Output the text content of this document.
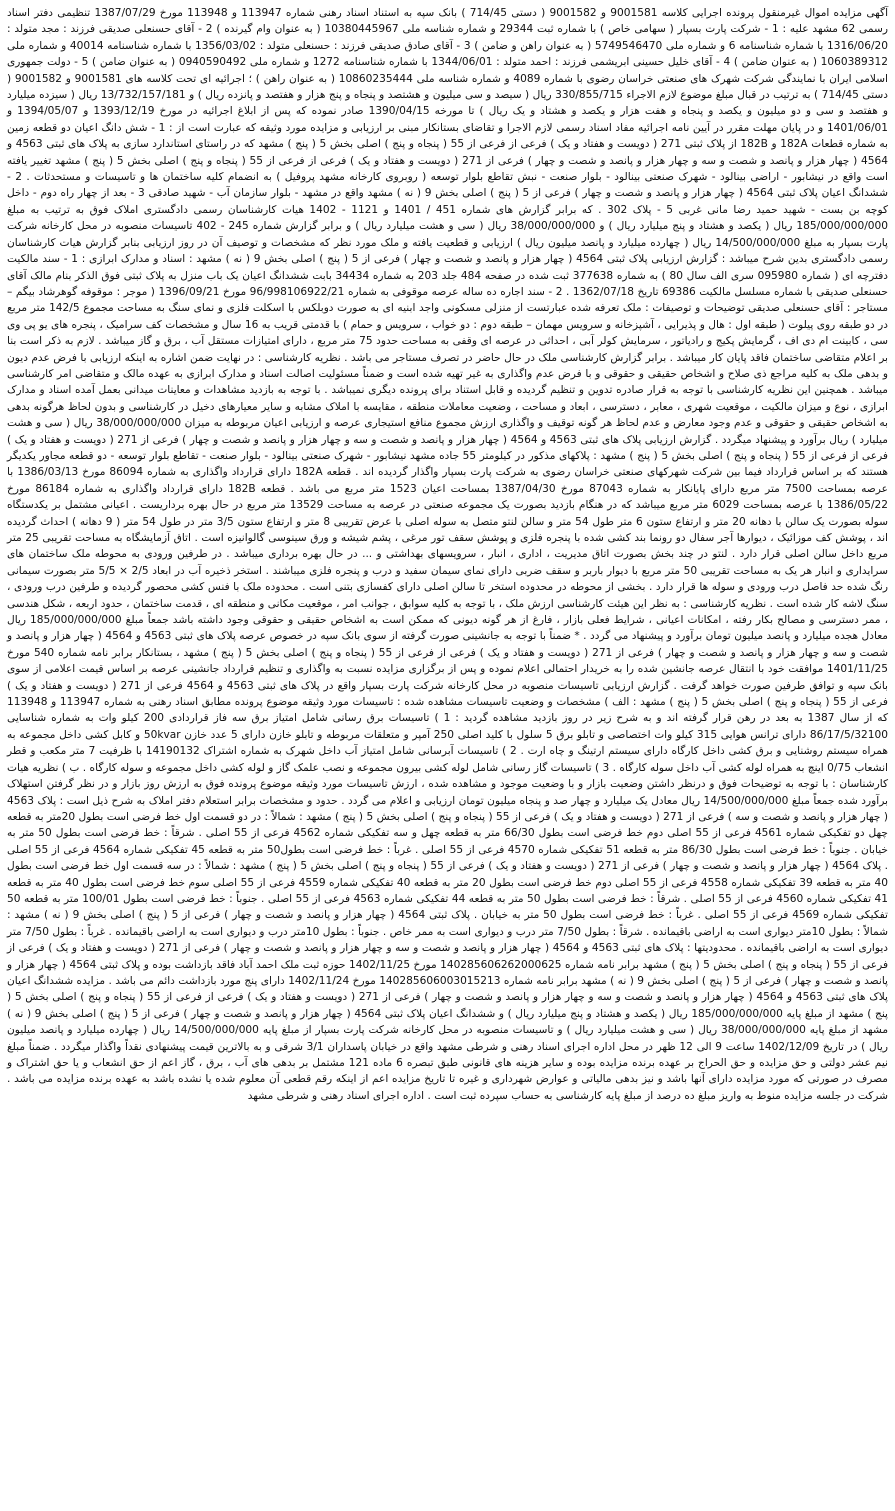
آگهی مزایده اموال غیرمنقول پرونده اجرایی کلاسه 9001581 و 9001582 ( دستی 714/45 ) بانک سپه به استناد اسناد رهنی شماره 113947 و 113948 مورخ 1387/07/29 تنظیمی دفتر اسناد رسمی 62 مشهد علیه : 1 - شرکت پارت بسپار ( سهامی خاص ) با شماره ثبت 29344 و شماره شناسه ملی 10380445967 ( به عنوان وام گیرنده ) 2 - آقای حسنعلی صدیقی فرزند : مجد متولد : 1316/06/20 با شماره شناسنامه 6 و شماره ملی 5749546470 ( به عنوان راهن و ضامن ) 3 - آقای صادق صدیقی فرزند : حسنعلی متولد : 1356/03/02 با شماره شناسنامه 40014 و شماره ملی 1060389312 ( به عنوان ضامن ) 4 - آقای خلیل حسینی ابریشمی فرزند : احمد متولد : 1344/06/01 با شماره شناسنامه 1272 و شماره ملی 0940590492 ( به عنوان ضامن ) 5 - دولت جمهوری اسلامی ایران با نمایندگی شرکت شهرک های صنعتی خراسان رضوی با شماره 4089 و شماره شناسه ملی 10860235444 ( به عنوان راهن ) ؛ اجرائیه ای تحت کلاسه های 9001581 و 9001582 ( دستی 714/45 ) به ترتیب در قبال مبلغ موضوع لازم الاجراء 330/855/715 ریال ( سیصد و سی میلیون و هشتصد و پنجاه و پنج هزار و هفتصد و پانزده ریال ) و 13/732/157/181 ریال ( سیزده میلیارد و هفتصد و سی و دو میلیون و یکصد و پنجاه و هفت هزار و یکصد و هشتاد و یک ریال ) تا مورخه 1390/04/15 صادر نموده که پس از ابلاغ اجرائیه در مورخ 1393/12/19 و 1394/05/07 و 1401/06/01 و در پایان مهلت مقرر در آیین نامه اجرائیه مفاد اسناد رسمی لازم الاجرا و تقاضای بستانکار مبنی بر ارزیابی و مزایده مورد وثیقه که عبارت است از : 1 - شش دانگ اعیان دو قطعه زمین به شماره قطعات 182A و 182B از پلاک ثبتی 271 ( دویست و هفتاد و یک ) فرعی از فرعی از 55 ( پنجاه و پنج ) اصلی بخش 5 ( پنج ) مشهد که در راستای استاندارد سازی به پلاک های ثبتی 4563 و 4564 ( چهار هزار و پانصد و شصت و سه و چهار هزار و پانصد و شصت و چهار ) فرعی از 271 ( دویست و هفتاد و یک ) فرعی از فرعی از 55 ( پنجاه و پنج ) اصلی بخش 5 ( پنج ) مشهد تغییر یافته است واقع در نیشابور - اراضی بینالود - شهرک صنعتی بینالود - بلوار صنعت - نبش تقاطع بلوار توسعه ( روبروی کارخانه مشهد پروفیل ) به انضمام کلیه ساختمان ها و تاسیسات و مستحدثات . 2 - ششدانگ اعیان پلاک ثبتی 4564 ( چهار هزار و پانصد و شصت و چهار ) فرعی از 5 ( پنج ) اصلی بخش 9 ( نه ) مشهد واقع در مشهد - بلوار سازمان آب - شهید صادقی 3 - بعد از چهار راه دوم - داخل کوچه بن بست - شهید حمید رضا مانی غربی 5 - پلاک 302 . که برابر گزارش های شماره 451 / 1401 و 1121 - 1402 هیات کارشناسان رسمی دادگستری املاک فوق به ترتیب به مبلغ 185/000/000/000 ریال ( یکصد و هشتاد و پنج میلیارد ریال ) و 38/000/000/000 ریال ( سی و هشت میلیارد ریال ) و برابر گزارش شماره 245 - 402 تاسیسات منصوبه در محل کارخانه شرکت پارت بسپار به مبلغ 14/500/000/000 ریال ( چهارده میلیارد و پانصد میلیون ریال ) ارزیابی و قطعیت یافته و ملک مورد نظر که مشخصات و توصیف آن در روز ارزیابی بنابر گزارش هیات کارشناسان رسمی دادگستری بدین شرح میباشد : گزارش ارزیابی پلاک ثبتی 4564 ( چهار هزار و پانصد و شصت و چهار ) فرعی از 5 ( پنج ) اصلی بخش 9 ( نه ) مشهد : اسناد و مدارک ابرازی : 1 - سند مالکیت دفترچه ای ( شماره 095980 سری الف سال 80 ) به شماره 377638 ثبت شده در صفحه 484 جلد 203 به شماره 34434 بابت ششدانگ اعیان یک باب منزل به پلاک ثبتی فوق الذکر بنام مالک آقای حسنعلی صدیقی با شماره مسلسل مالکیت 69386 تاریخ 1362/07/18 . 2 - سند اجاره ده ساله عرصه موقوفی به شماره 96/998106922/21 مورخ 1396/09/21 ( موجر : موقوفه گوهرشاد بیگم – مستاجر : آقای حسنعلی صدیقی توضیحات و توصیفات : ملک تعرفه شده عبارتست از منزلی مسکونی واجد ابنیه ای به صورت دوبلکس با اسکلت فلزی و نمای سنگ به مساحت مجموع 142/5 متر مربع در دو طبقه روی پیلوت ( طبقه اول : هال و پذیرایی ، آشپزخانه و سرویس مهمان – طبقه دوم : دو خواب ، سرویس و حمام ) با قدمتی قریب به 16 سال و مشخصات کف سرامیک ، پنجره های یو پی وی سی ، کابینت ام دی اف ، گرمایش پکیج و رادیاتور ، سرمایش کولر آبی ، احداثی در عرصه ای وقفی به مساحت حدود 75 متر مربع ، دارای امتیازات مستقل آب ، برق و گاز میباشد . لازم به ذکر است بنا بر اعلام متقاضی ساختمان فاقد پایان کار میباشد . برابر گزارش کارشناسی ملک در حال حاضر در تصرف مستاجر می باشد . نظریه کارشناسی : در نهایت ضمن اشاره به اینکه ارزیابی با فرض عدم دیون و بدهی ملک به کلیه مراجع ذی صلاح و اشخاص حقیقی و حقوقی و با فرض عدم واگذاری به غیر تهیه شده است و ضمناً مسئولیت اصالت اسناد و مدارک ابرازی به عهده مالک و متقاضی امر کارشناسی میباشد . همچنین این نظریه کارشناسی با توجه به قرار صادره تدوین و تنظیم گردیده و قابل استناد برای پرونده دیگری نمیباشد . با توجه به بازدید مشاهدات و معاینات میدانی بعمل آمده اسناد و مدارک ابرازی ، نوع و میزان مالکیت ، موقعیت شهری ، معابر ، دسترسی ، ابعاد و مساحت ، وضعیت معاملات منطقه ، مقایسه با املاک مشابه و سایر معیارهای دخیل در کارشناسی و بدون لحاظ هرگونه بدهی به اشخاص حقیقی و حقوقی و عدم وجود معارض و عدم لحاظ هر گونه توقیف و واگذاری ارزش مجموع منافع استیجاری عرصه و ارزیابی اعیان مربوطه به میزان 38/000/000/000 ریال ( سی و هشت میلیارد ) ریال برآورد و پیشنهاد میگردد . گزارش ارزیابی پلاک های ثبتی 4563 و 4564 ( چهار هزار و پانصد و شصت و سه و چهار هزار و پانصد و شصت و چهار ) فرعی از 271 ( دویست و هفتاد و یک ) فرعی از فرعی از 55 ( پنجاه و پنج ) اصلی بخش 5 ( پنج ) مشهد : پلاکهای مذکور در کیلومتر 55 جاده مشهد نیشابور - شهرک صنعتی بینالود - بلوار صنعت - تقاطع بلوار توسعه - دو قطعه مجاور یکدیگر هستند که بر اساس قرارداد فیما بین شرکت شهرکهای صنعتی خراسان رضوی به شرکت پارت بسپار واگذار گردیده اند . قطعه 182A دارای قرارداد واگذاری به شماره 86094 مورخ 1386/03/13 با عرصه بمساحت 7500 متر مربع دارای پایانکار به شماره 87043 مورخ 1387/04/30 بمساحت اعیان 1523 متر مربع می باشد . قطعه 182B دارای قرارداد واگذاری به شماره 86184 مورخ 1386/05/22 با عرصه بمساحت 6029 متر مربع میباشد که در هنگام بازدید بصورت یک مجموعه صنعتی در عرصه به مساحت 13529 متر مربع در حال بهره برداریست . اعیانی مشتمل بر یکدستگاه سوله بصورت یک سالن با دهانه 20 متر و ارتفاع ستون 6 متر طول 54 متر و سالن لنتو متصل به سوله اصلی با عرض تقریبی 8 متر و ارتفاع ستون 3/5 متر در طول 54 متر ( 9 دهانه ) احداث گردیده اند ، پوشش کف موزائیک ، دیوارها آجر سفال دو رونما بند کشی شده با پنجره فلزی و پوشش سقف تور مرغی ، پشم شیشه و ورق سینوسی گالوانیزه است . اتاق آزمایشگاه به مساحت تقریبی 25 متر مربع داخل سالن اصلی قرار دارد . لنتو در چند بخش بصورت اتاق مدیریت ، اداری ، انبار ، سرویسهای بهداشتی و ... در حال بهره برداری میباشد . در طرفین ورودی به محوطه ملک ساختمان های سرایداری و انبار هر یک به مساحت تقریبی 50 متر مربع با دیوار باربر و سقف ضربی دارای نمای سیمان سفید و درب و پنجره فلزی میباشند . استخر ذخیره آب در ابعاد 2/5 × 5/5 متر بصورت سیمانی رنگ شده حد فاصل درب ورودی و سوله ها قرار دارد . بخشی از محوطه در محدوده استخر تا سالن اصلی دارای کفسازی بتنی است . محدوده ملک با فنس کشی محصور گردیده و طرفین درب ورودی ، سنگ لاشه کار شده است . نظریه کارشناسی : به نظر این هیئت کارشناسی ارزش ملک ، با توجه به کلیه سوابق ، جوانب امر ، موقعیت مکانی و منطقه ای ، قدمت ساختمان ، حدود اربعه ، شکل هندسی ، ممر دسترسی و مصالح بکار رفته ، امکانات اعیانی ، شرایط فعلی بازار ، فارغ از هر گونه دیونی که ممکن است به اشخاص حقیقی و حقوقی وجود داشته باشد جمعاً مبلغ 185/000/000/000 ریال معادل هجده میلیارد و پانصد میلیون تومان برآورد و پیشنهاد می گردد . * ضمناً با توجه به جانشینی صورت گرفته از سوی بانک سپه در خصوص عرصه پلاک های ثبتی 4563 و 4564 ( چهار هزار و پانصد و شصت و سه و چهار هزار و پانصد و شصت و چهار ) فرعی از 271 ( دویست و هفتاد و یک ) فرعی از فرعی از 55 ( پنجاه و پنج ) اصلی بخش 5 ( پنج ) مشهد ، بستانکار برابر نامه شماره 540 مورخ 1401/11/25 موافقت خود با انتقال عرصه جانشین شده را به خریدار احتمالی اعلام نموده و پس از برگزاری مزایده نسبت به واگذاری و تنظیم قرارداد جانشینی عرصه بر اساس قیمت اعلامی از سوی بانک سپه و توافق طرفین صورت خواهد گرفت . گزارش ارزیابی تاسیسات منصوبه در محل کارخانه شرکت پارت بسپار واقع در پلاک های ثبتی 4563 و 4564 فرعی از 271 ( دویست و هفتاد و یک ) فرعی از 55 ( پنجاه و پنج ) اصلی بخش 5 ( پنج ) مشهد : الف ) مشخصات و وضعیت تاسیسات مشاهده شده : تاسیسات مورد وثیقه موضوع پرونده مطابق اسناد رهنی به شماره 113947 و 113948 که از سال 1387 به بعد در رهن قرار گرفته اند و به شرح زیر در روز بازدید مشاهده گردید : 1 ) تاسیسات برق رسانی شامل امتیاز برق سه فاز قراردادی 200 کیلو وات به شماره شناسایی 86/17/5/32100 دارای ترانس هوایی 315 کیلو وات اختصاصی و تابلو برق 5 سلول با کلید اصلی 250 آمپر و متعلقات مربوطه و تابلو خازن دارای 5 عدد خازن 50kvar و کابل کشی داخل مجموعه به همراه سیستم روشنایی و برق کشی داخل کارگاه دارای سیستم ارتینگ و چاه ارت . 2 ) تاسیسات آبرسانی شامل امتیاز آب داخل شهرک به شماره اشتراک 14190132 با ظرفیت 7 متر مکعب و قطر انشعاب 0/75 اینچ به همراه لوله کشی آب داخل سوله کارگاه . 3 ) تاسیسات گاز رسانی شامل لوله کشی بیرون مجموعه و نصب علمک گاز و لوله کشی داخل مجموعه و سوله کارگاه . ب ) نظریه هیات کارشناسان : با توجه به توضیحات فوق و درنظر داشتن وضعیت بازار و با وضعیت موجود و مشاهده شده ، ارزش تاسیسات مورد وثیقه موضوع پرونده فوق به ارزش روز بازار و در نظر گرفتن استهلاک برآورد شده جمعاً مبلغ 14/500/000/000 ریال معادل یک میلیارد و چهار صد و پنجاه میلیون تومان ارزیابی و اعلام می گردد . حدود و مشخصات برابر استعلام دفتر املاک به شرح ذیل است : پلاک 4563 ( چهار هزار و پانصد و شصت و سه ) فرعی از 271 ( دویست و هفتاد و یک ) فرعی از 55 ( پنجاه و پنج ) اصلی بخش 5 ( پنج ) مشهد : شمالاً : در دو قسمت اول خط فرضی است بطول 20متر به قطعه چهل دو تفکیکی شماره 4561 فرعی از 55 اصلی دوم خط فرضی است بطول 66/30 متر به قطعه چهل و سه تفکیکی شماره 4562 فرعی از 55 اصلی . شرقاً : خط فرضی است بطول 50 متر به خیابان . جنوباً : خط فرضی است بطول 86/30 متر به قطعه 51 تفکیکی شماره 4570 فرعی از 55 اصلی . غرباً : خط فرضی است بطول50 متر به قطعه 45 تفکیکی شماره 4564 فرعی از 55 اصلی . پلاک 4564 ( چهار هزار و پانصد و شصت و چهار ) فرعی از 271 ( دویست و هفتاد و یک ) فرعی از 55 ( پنجاه و پنج ) اصلی بخش 5 ( پنج ) مشهد : شمالاً : در سه قسمت اول خط فرضی است بطول 40 متر به قطعه 39 تفکیکی شماره 4558 فرعی از 55 اصلی دوم خط فرضی است بطول 20 متر به قطعه 40 تفکیکی شماره 4559 فرعی از 55 اصلی سوم خط فرضی است بطول 40 متر به قطعه 41 تفکیکی شماره 4560 فرعی از 55 اصلی . شرقاً : خط فرضی است بطول 50 متر به قطعه 44 تفکیکی شماره 4563 فرعی از 55 اصلی . جنوباً : خط فرضی است بطول 100/01 متر به قطعه 50 تفکیکی شماره 4569 فرعی از 55 اصلی . غرباً : خط فرضی است بطول 50 متر به خیابان . پلاک ثبتی 4564 ( چهار هزار و پانصد و شصت و چهار ) فرعی از 5 ( پنج ) اصلی بخش 9 ( نه ) مشهد : شمالاً : بطول 10متر دیواری است به اراضی باقیمانده . شرقاً : بطول 7/50 متر درب و دیواری است به ممر خاص . جنوباً : بطول 10متر درب و دیواری است به اراضی باقیمانده . غرباً : بطول 7/50 متر دیواری است به اراضی باقیمانده . محدودیتها : پلاک های ثبتی 4563 و 4564 ( چهار هزار و پانصد و شصت و سه و چهار هزار و پانصد و شصت و چهار ) فرعی از 271 ( دویست و هفتاد و یک ) فرعی از فرعی از 55 ( پنجاه و پنج ) اصلی بخش 5 ( پنج ) مشهد برابر نامه شماره 140285606262000625 مورخ 1402/11/25 حوزه ثبت ملک احمد آباد فاقد بازداشت بوده و پلاک ثبتی 4564 ( چهار هزار و پانصد و شصت و چهار ) فرعی از 5 ( پنج ) اصلی بخش 9 ( نه ) مشهد برابر نامه شماره 140285606003015213 مورخ 1402/11/24 دارای پنج مورد بازداشت دائم می باشد . مزایده ششدانگ اعیان پلاک های ثبتی 4563 و 4564 ( چهار هزار و پانصد و شصت و سه و چهار هزار و پانصد و شصت و چهار ) فرعی از 271 ( دویست و هفتاد و یک ) فرعی از فرعی از 55 ( پنجاه و پنج ) اصلی بخش 5 ( پنج ) مشهد از مبلغ پایه 185/000/000/000 ریال ( یکصد و هشتاد و پنج میلیارد ریال ) و ششدانگ اعیان پلاک ثبتی 4564 ( چهار هزار و پانصد و شصت و چهار ) فرعی از 5 ( پنج ) اصلی بخش 9 ( نه ) مشهد از مبلغ پایه 38/000/000/000 ریال ( سی و هشت میلیارد ریال ) و تاسیسات منصوبه در محل کارخانه شرکت پارت بسپار از مبلغ پایه 14/500/000/000 ریال ( چهارده میلیارد و پانصد میلیون ریال ) در تاریخ 1402/12/09 ساعت 9 الی 12 ظهر در محل اداره اجرای اسناد رهنی و شرطی مشهد واقع در خیابان پاسداران 3/1 شرقی و به بالاترین قیمت پیشنهادی نقداً واگذار میگردد . ضمناً مبلغ نیم عشر دولتی و حق مزایده و حق الحراج بر عهده برنده مزایده بوده و سایر هزینه های قانونی طبق تبصره 6 ماده 121 مشتمل بر بدهی های آب ، برق ، گاز اعم از حق انشعاب و یا حق اشتراک و مصرف در صورتی که مورد مزایده دارای آنها باشد و نیز بدهی مالیاتی و عوارض شهرداری و غیره تا تاریخ مزایده اعم از اینکه رقم قطعی آن معلوم شده یا نشده باشد به عهده برنده مزایده می باشد . شرکت در جلسه مزایده منوط به واریز مبلغ ده درصد از مبلغ پایه کارشناسی به حساب سپرده ثبت است . اداره اجرای اسناد رهنی و شرطی مشهد
